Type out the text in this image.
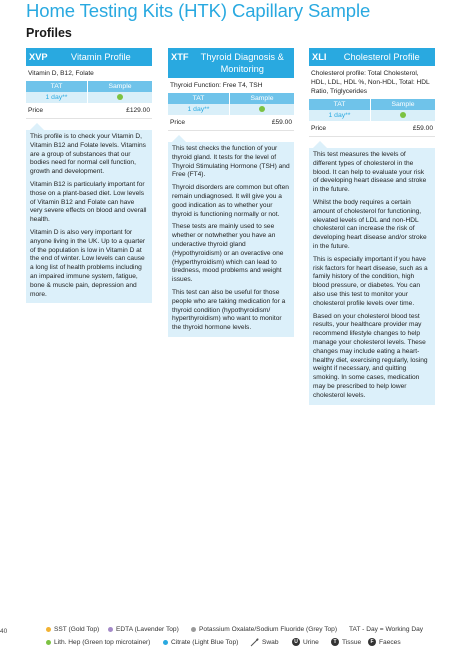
Home Testing Kits (HTK) Capillary Sample
Profiles
XVP	Vitamin Profile
Vitamin D, B12, Folate
TAT	Sample
1 day**	
Price	£129.00

This profile is to check your Vitamin D, Vitamin B12 and Folate levels. Vitamins are a group of substances that our bodies need for normal cell function, growth and development.

Vitamin B12 is particularly important for those on a plant-based diet. Low levels of Vitamin B12 and Folate can have very severe effects on blood and overall health.

Vitamin D is also very important for anyone living in the UK. Up to a quarter of the population is low in Vitamin D at the end of winter. Low levels can cause a long list of health problems including an impaired immune system, fatigue, bone & muscle pain, depression and more.

XTF	Thyroid Diagnosis & Monitoring
Thyroid Function: Free T4, TSH
TAT	Sample
1 day**	
Price	£59.00

This test checks the function of your thyroid gland. It tests for the level of Thyroid Stimulating Hormone (TSH) and Free (FT4).

Thyroid disorders are common but often remain undiagnosed. It will give you a good indication as to whether your thyroid is functioning normally or not.

These tests are mainly used to see whether or notwhether you have an underactive thyroid gland (Hypothyroidism) or an overactive one (Hyperthyroidism) which can lead to tiredness, mood problems and weight issues.

This test can also be useful for those people who are taking medication for a thyroid condition (hypothyroidism/ hyperthyroidism) who want to monitor the thyroid hormone levels.

XLI	Cholesterol Profile
Cholesterol profile: Total Cholesterol, HDL, LDL, HDL %, Non-HDL, Total: HDL Ratio, Triglycerides
TAT	Sample
1 day**	
Price	£59.00

This test measures the levels of different types of cholesterol in the blood. It can help to evaluate your risk of developing heart disease and stroke in the future.

Whilst the body requires a certain amount of cholesterol for functioning, elevated levels of LDL and non-HDL cholesterol can increase the risk of developing heart disease and/or stroke in the future.

This is especially important if you have risk factors for heart disease, such as a family history of the condition, high blood pressure, or diabetes. You can also use this test to monitor your cholesterol profile levels over time.

Based on your cholesterol blood test results, your healthcare provider may recommend lifestyle changes to help manage your cholesterol levels. These changes may include eating a heart-healthy diet, exercising regularly, losing weight if necessary, and quitting smoking. In some cases, medication may be prescribed to help lower cholesterol levels.

40	SST (Gold Top)	EDTA (Lavender Top)	Potassium Oxalate/Sodium Fluoride (Grey Top) TAT - Day = Working Day
Lith. Hep (Green top microtainer)	Citrate (Light Blue Top)	Swab	U Urine	T Tissue	F Faeces
